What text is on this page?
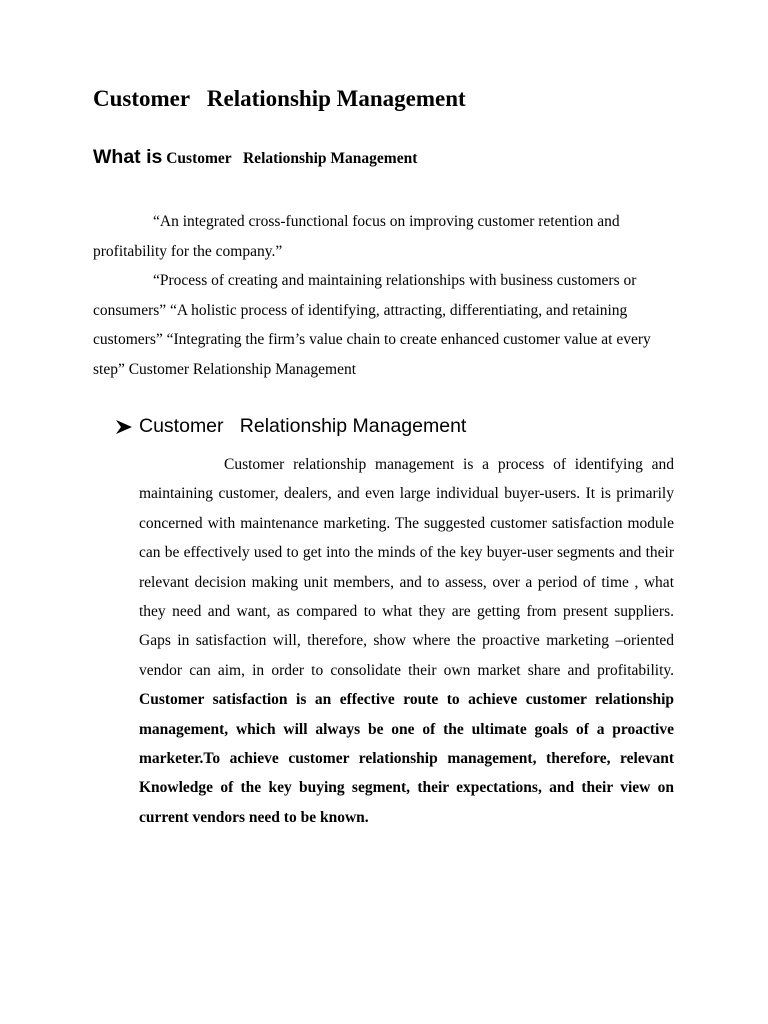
Customer   Relationship Management
What is Customer   Relationship Management

“An integrated cross-functional focus on improving customer retention and profitability for the company.”

“Process of creating and maintaining relationships with business customers or consumers” “A holistic process of identifying, attracting, differentiating, and retaining customers” “Integrating the firm’s value chain to create enhanced customer value at every step” Customer Relationship Management

Customer   Relationship Management

Customer relationship management is a process of identifying and maintaining customer, dealers, and even large individual buyer-users. It is primarily concerned with maintenance marketing. The suggested customer satisfaction module can be effectively used to get into the minds of the key buyer-user segments and their relevant decision making unit members, and to assess, over a period of time , what they need and want, as compared to what they are getting from present suppliers. Gaps in satisfaction will, therefore, show where the proactive marketing –oriented vendor can aim, in order to consolidate their own market share and profitability. Customer satisfaction is an effective route to achieve customer relationship management, which will always be one of the ultimate goals of a proactive marketer.To achieve customer relationship management, therefore, relevant Knowledge of the key buying segment, their expectations, and their view on current vendors need to be known.
